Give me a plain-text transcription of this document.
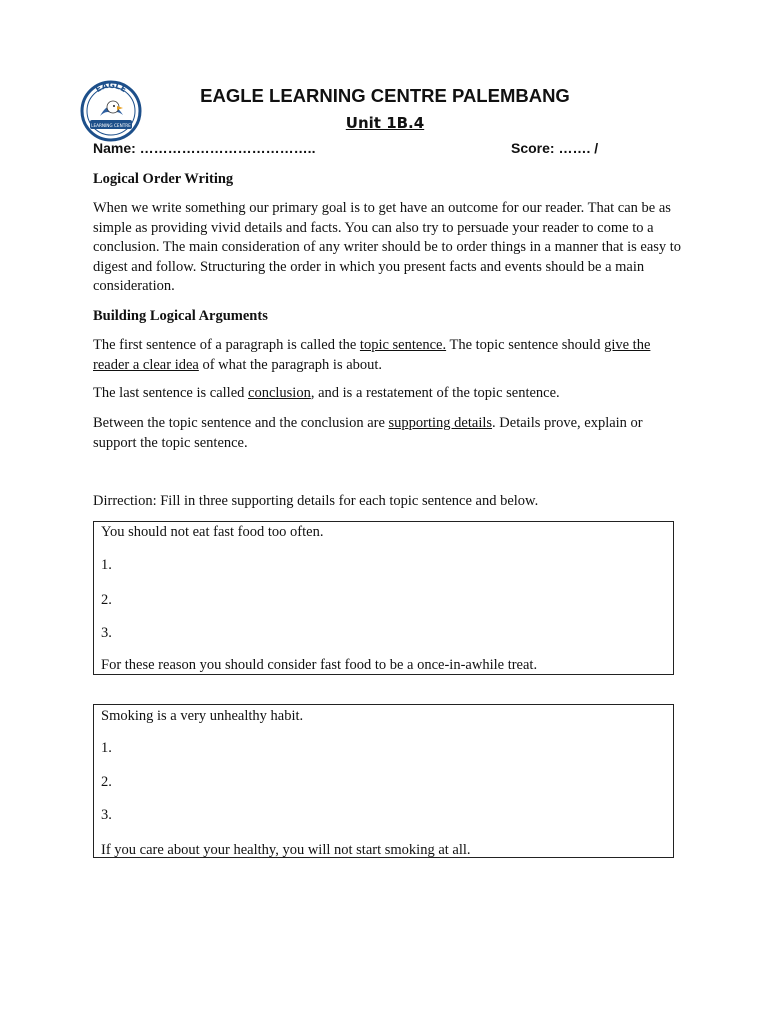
EAGLE
LEARNING CENTRE
EAGLE LEARNING CENTRE PALEMBANG
Unit 1B.4
Name: ………………………………..	Score: ……. /
Logical Order Writing
When we write something our primary goal is to get have an outcome for our reader. That can be as simple as providing vivid details and facts. You can also try to persuade your reader to come to a conclusion. The main consideration of any writer should be to order things in a manner that is easy to digest and follow. Structuring the order in which you present facts and events should be a main consideration.
Building Logical Arguments
The first sentence of a paragraph is called the topic sentence. The topic sentence should give the reader a clear idea of what the paragraph is about.
The last sentence is called conclusion, and is a restatement of the topic sentence.
Between the topic sentence and the conclusion are supporting details. Details prove, explain or support the topic sentence.
Dirrection: Fill in three supporting details for each topic sentence and below.
You should not eat fast food too often.
1.
2.
3.
For these reason you should consider fast food to be a once-in-awhile treat.
Smoking is a very unhealthy habit.
1.
2.
3.
If you care about your healthy, you will not start smoking at all.
